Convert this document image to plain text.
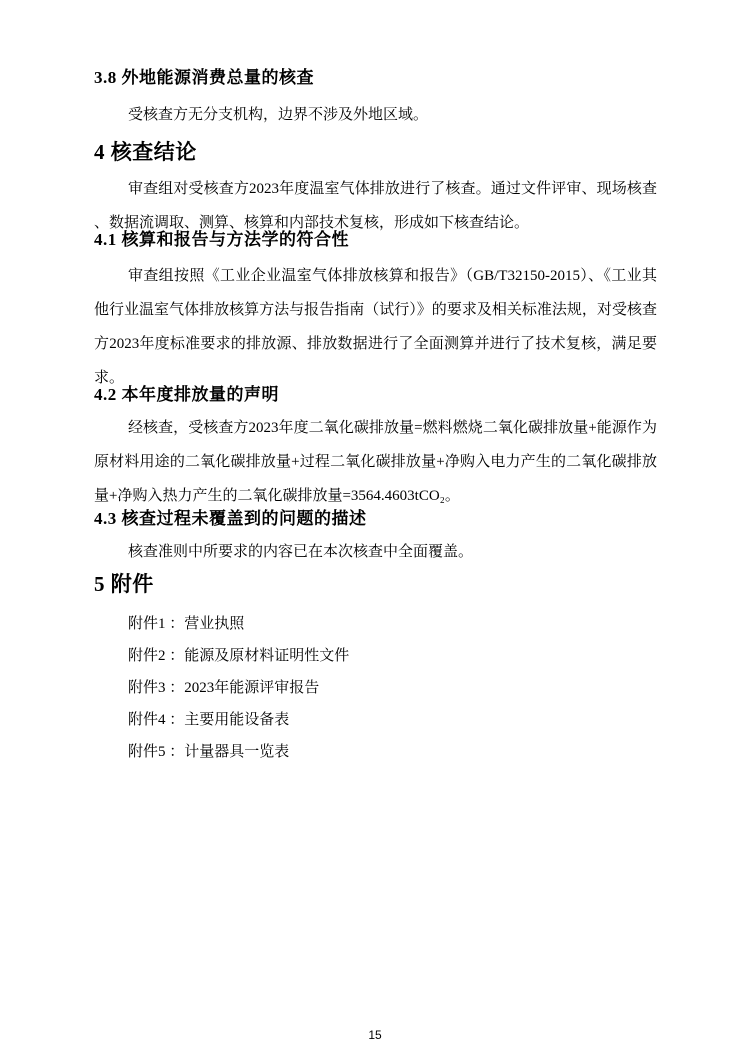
3.8 外地能源消费总量的核查
受核查方无分支机构，边界不涉及外地区域。
4 核查结论
审查组对受核查方2023年度温室气体排放进行了核查。通过文件评审、现场核查
、数据流调取、测算、核算和内部技术复核，形成如下核查结论。
4.1 核算和报告与方法学的符合性
审查组按照《工业企业温室气体排放核算和报告》（GB/T32150-2015）、《工业其
他行业温室气体排放核算方法与报告指南（试行）》的要求及相关标准法规，对受核查
方2023年度标准要求的排放源、排放数据进行了全面测算并进行了技术复核，满足要
求。
4.2 本年度排放量的声明
经核查，受核查方2023年度二氧化碳排放量=燃料燃烧二氧化碳排放量+能源作为
原材料用途的二氧化碳排放量+过程二氧化碳排放量+净购入电力产生的二氧化碳排放
量+净购入热力产生的二氧化碳排放量=3564.4603tCO₂。
4.3 核查过程未覆盖到的问题的描述
核查准则中所要求的内容已在本次核查中全面覆盖。
5 附件
附件1 ：营业执照
附件2 ：能源及原材料证明性文件
附件3 ：2023年能源评审报告
附件4 ：主要用能设备表
附件5 ：计量器具一览表
15
